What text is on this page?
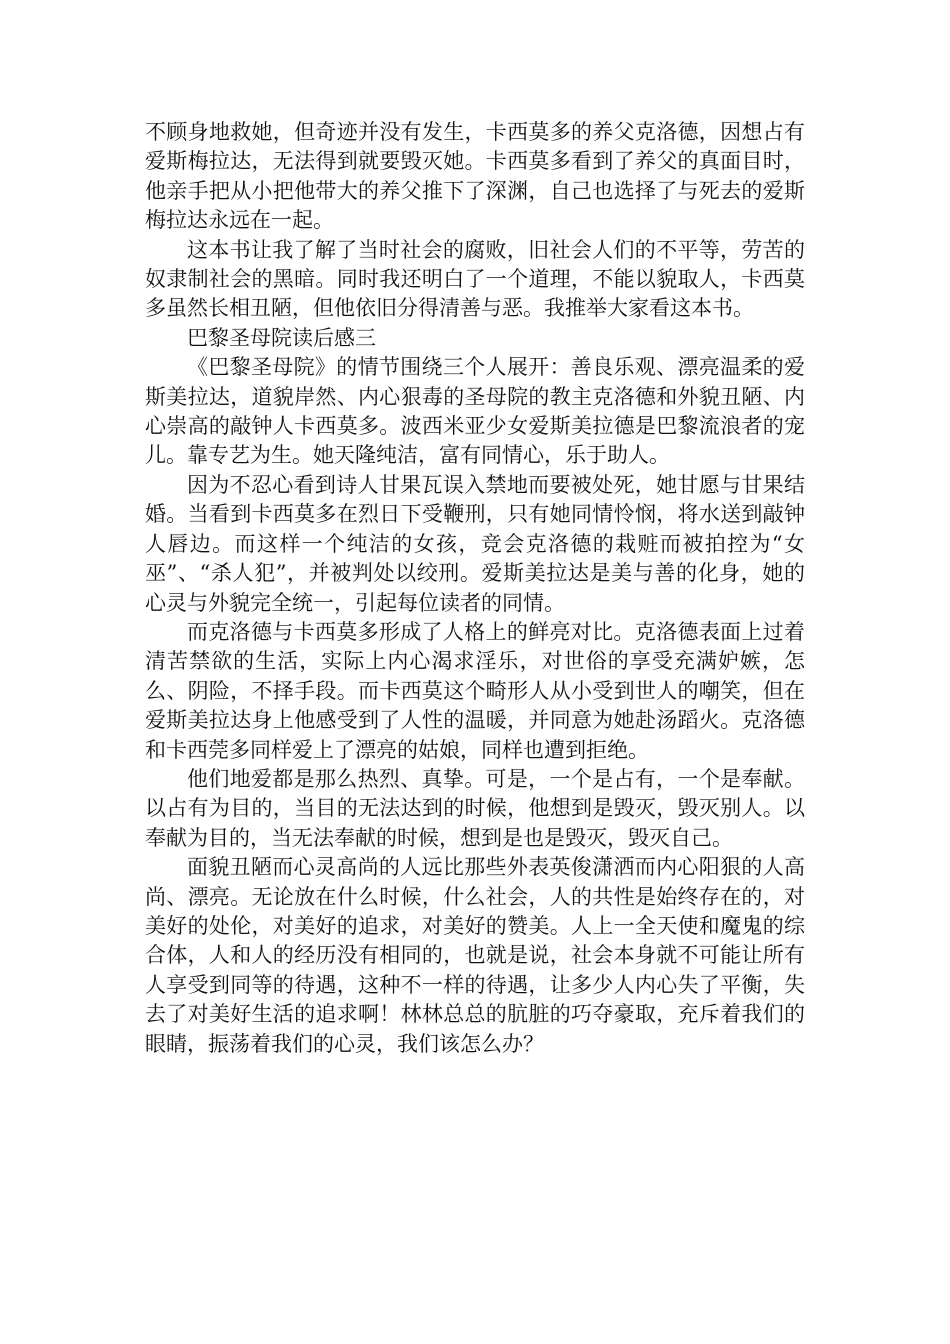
不顾身地救她，但奇迹并没有发生，卡西莫多的养父克洛德，因想占有爱斯梅拉达，无法得到就要毁灭她。卡西莫多看到了养父的真面目时，他亲手把从小把他带大的养父推下了深渊，自己也选择了与死去的爱斯梅拉达永远在一起。

这本书让我了解了当时社会的腐败，旧社会人们的不平等，劳苦的奴隶制社会的黑暗。同时我还明白了一个道理，不能以貌取人，卡西莫多虽然长相丑陋，但他依旧分得清善与恶。我推举大家看这本书。

巴黎圣母院读后感三

《巴黎圣母院》的情节围绕三个人展开：善良乐观、漂亮温柔的爱斯美拉达，道貌岸然、内心狠毒的圣母院的教主克洛德和外貌丑陋、内心崇高的敲钟人卡西莫多。波西米亚少女爱斯美拉德是巴黎流浪者的宠儿。靠专艺为生。她天隆纯洁，富有同情心，乐于助人。

因为不忍心看到诗人甘果瓦误入禁地而要被处死，她甘愿与甘果结婚。当看到卡西莫多在烈日下受鞭刑，只有她同情怜悯，将水送到敲钟人唇边。而这样一个纯洁的女孩，竞会克洛德的栽赃而被拍控为“女巫”、“杀人犯”，并被判处以绞刑。爱斯美拉达是美与善的化身，她的心灵与外貌完全统一，引起每位读者的同情。

而克洛德与卡西莫多形成了人格上的鲜亮对比。克洛德表面上过着清苦禁欲的生活，实际上内心渴求淫乐，对世俗的享受充满妒嫉，怎么、阴险，不择手段。而卡西莫这个畸形人从小受到世人的嘲笑，但在爱斯美拉达身上他感受到了人性的温暖，并同意为她赴汤蹈火。克洛德和卡西莞多同样爱上了漂亮的姑娘，同样也遭到拒绝。

他们地爱都是那么热烈、真挚。可是，一个是占有，一个是奉献。以占有为目的，当目的无法达到的时候，他想到是毁灭，毁灭别人。以奉献为目的，当无法奉献的时候，想到是也是毁灭，毁灭自己。

面貌丑陋而心灵高尚的人远比那些外表英俊潇洒而内心阳狠的人高尚、漂亮。无论放在什么时候，什么社会，人的共性是始终存在的，对美好的处伦，对美好的追求，对美好的赞美。人上一全天使和魔鬼的综合体，人和人的经历没有相同的，也就是说，社会本身就不可能让所有人享受到同等的待遇，这种不一样的待遇，让多少人内心失了平衡，失去了对美好生活的追求啊！林林总总的肮脏的巧夺豪取，充斥着我们的眼睛，振荡着我们的心灵，我们该怎么办？
